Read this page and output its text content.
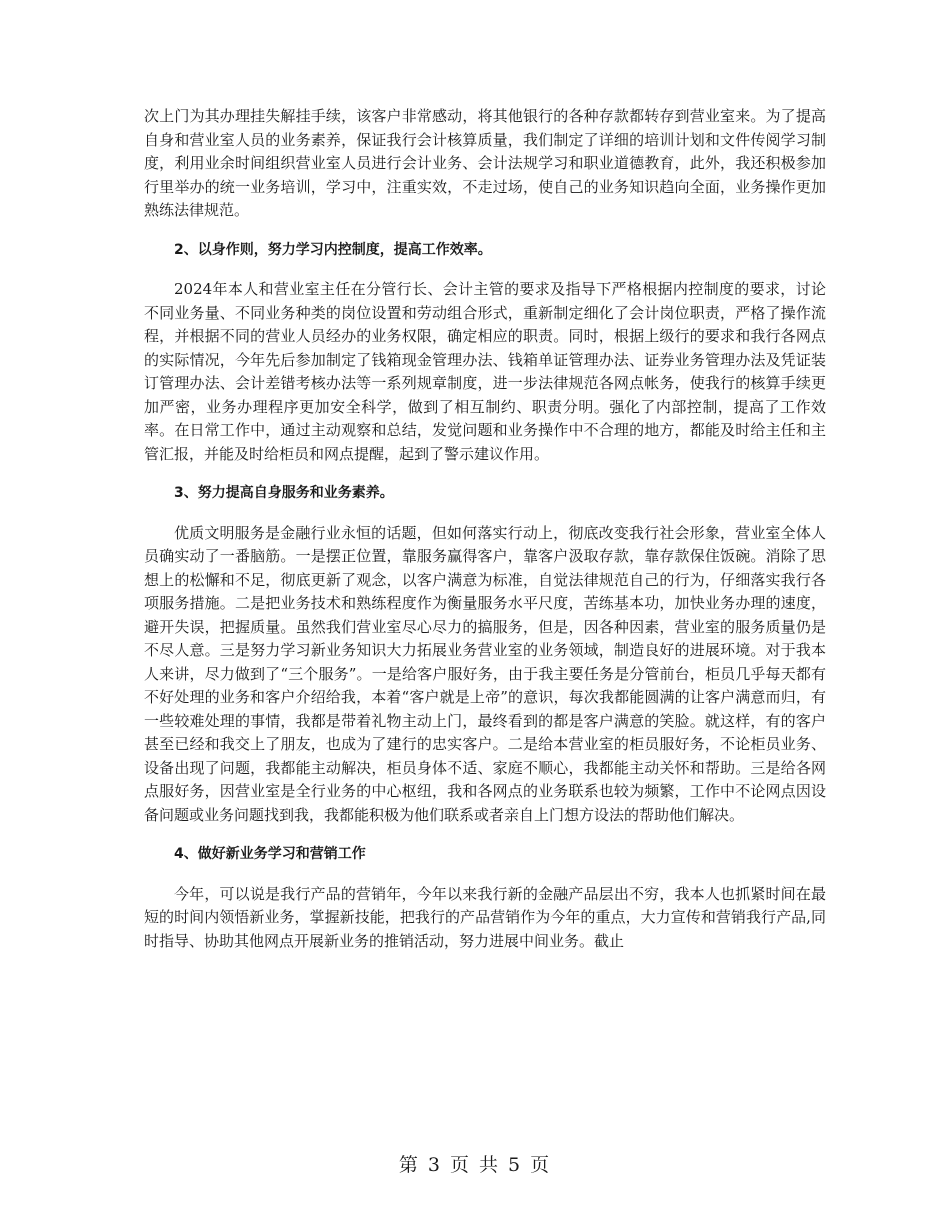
次上门为其办理挂失解挂手续，该客户非常感动，将其他银行的各种存款都转存到营业室来。为了提高自身和营业室人员的业务素养，保证我行会计核算质量，我们制定了详细的培训计划和文件传阅学习制度，利用业余时间组织营业室人员进行会计业务、会计法规学习和职业道德教育，此外，我还积极参加行里举办的统一业务培训，学习中，注重实效，不走过场，使自己的业务知识趋向全面，业务操作更加熟练法律规范。

2、以身作则，努力学习内控制度，提高工作效率。

2024年本人和营业室主任在分管行长、会计主管的要求及指导下严格根据内控制度的要求，讨论不同业务量、不同业务种类的岗位设置和劳动组合形式，重新制定细化了会计岗位职责，严格了操作流程，并根据不同的营业人员经办的业务权限，确定相应的职责。同时，根据上级行的要求和我行各网点的实际情况，今年先后参加制定了钱箱现金管理办法、钱箱单证管理办法、证券业务管理办法及凭证装订管理办法、会计差错考核办法等一系列规章制度，进一步法律规范各网点帐务，使我行的核算手续更加严密，业务办理程序更加安全科学，做到了相互制约、职责分明。强化了内部控制，提高了工作效率。在日常工作中，通过主动观察和总结，发觉问题和业务操作中不合理的地方，都能及时给主任和主管汇报，并能及时给柜员和网点提醒，起到了警示建议作用。

3、努力提高自身服务和业务素养。

优质文明服务是金融行业永恒的话题，但如何落实行动上，彻底改变我行社会形象，营业室全体人员确实动了一番脑筋。一是摆正位置，靠服务赢得客户，靠客户汲取存款，靠存款保住饭碗。消除了思想上的松懈和不足，彻底更新了观念，以客户满意为标准，自觉法律规范自己的行为，仔细落实我行各项服务措施。二是把业务技术和熟练程度作为衡量服务水平尺度，苦练基本功，加快业务办理的速度，避开失误，把握质量。虽然我们营业室尽心尽力的搞服务，但是，因各种因素，营业室的服务质量仍是不尽人意。三是努力学习新业务知识大力拓展业务营业室的业务领域，制造良好的进展环境。对于我本人来讲，尽力做到了“三个服务”。一是给客户服好务，由于我主要任务是分管前台，柜员几乎每天都有不好处理的业务和客户介绍给我，本着“客户就是上帝”的意识，每次我都能圆满的让客户满意而归，有一些较难处理的事情，我都是带着礼物主动上门，最终看到的都是客户满意的笑脸。就这样，有的客户甚至已经和我交上了朋友，也成为了建行的忠实客户。二是给本营业室的柜员服好务，不论柜员业务、设备出现了问题，我都能主动解决，柜员身体不适、家庭不顺心，我都能主动关怀和帮助。三是给各网点服好务，因营业室是全行业务的中心枢纽，我和各网点的业务联系也较为频繁，工作中不论网点因设备问题或业务问题找到我，我都能积极为他们联系或者亲自上门想方设法的帮助他们解决。

4、做好新业务学习和营销工作

今年，可以说是我行产品的营销年，今年以来我行新的金融产品层出不穷，我本人也抓紧时间在最短的时间内领悟新业务，掌握新技能，把我行的产品营销作为今年的重点，大力宣传和营销我行产品,同时指导、协助其他网点开展新业务的推销活动，努力进展中间业务。截止

第 3 页 共 5 页
